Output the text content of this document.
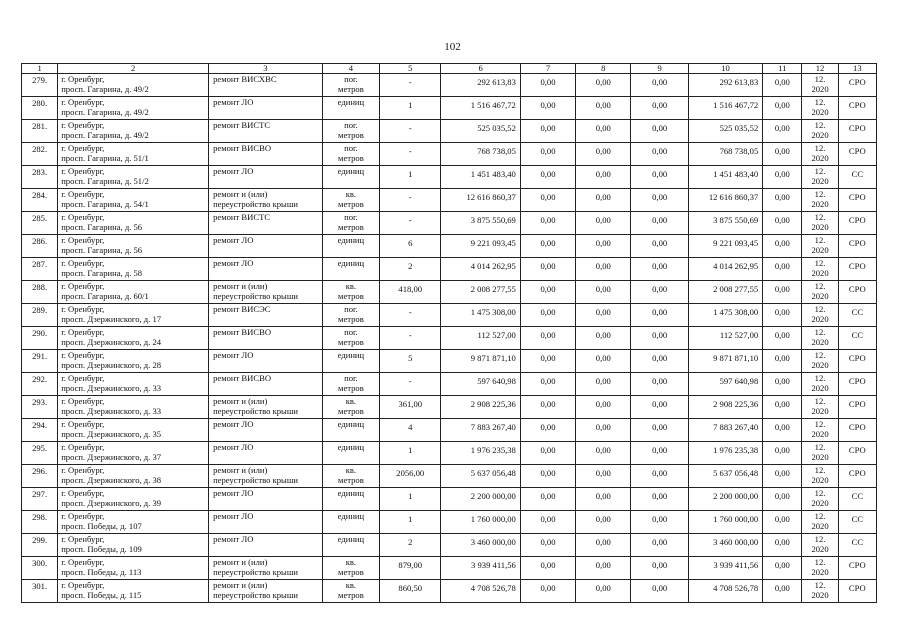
102
1	2	3	4	5	6	7	8	9	10	11	12	13

279.	г. Оренбург,
просп. Гагарина, д. 49/2	ремонт ВИСХВС	пог.
метров	-	292 613,83	0,00	0,00	0,00	292 613,83	0,00	12.
2020	СРО

280.	г. Оренбург,
просп. Гагарина, д. 49/2	ремонт ЛО	единиц	1	1 516 467,72	0,00	0,00	0,00	1 516 467,72	0,00	12.
2020	СРО

281.	г. Оренбург,
просп. Гагарина, д. 49/2	ремонт ВИСТС	пог.
метров	-	525 035,52	0,00	0,00	0,00	525 035,52	0,00	12.
2020	СРО

282.	г. Оренбург,
просп. Гагарина, д. 51/1	ремонт ВИСВО	пог.
метров	-	768 738,05	0,00	0,00	0,00	768 738,05	0,00	12.
2020	СРО

283.	г. Оренбург,
просп. Гагарина, д. 51/2	ремонт ЛО	единиц	1	1 451 483,40	0,00	0,00	0,00	1 451 483,40	0,00	12.
2020	СС

284.	г. Оренбург,
просп. Гагарина, д. 54/1	ремонт и (или)
переустройство крыши	кв.
метров	-	12 616 860,37	0,00	0,00	0,00	12 616 860,37	0,00	12.
2020	СРО

285.	г. Оренбург,
просп. Гагарина, д. 56	ремонт ВИСТС	пог.
метров	-	3 875 550,69	0,00	0,00	0,00	3 875 550,69	0,00	12.
2020	СРО

286.	г. Оренбург,
просп. Гагарина, д. 56	ремонт ЛО	единиц	6	9 221 093,45	0,00	0,00	0,00	9 221 093,45	0,00	12.
2020	СРО

287.	г. Оренбург,
просп. Гагарина, д. 58	ремонт ЛО	единиц	2	4 014 262,95	0,00	0,00	0,00	4 014 262,95	0,00	12.
2020	СРО

288.	г. Оренбург,
просп. Гагарина, д. 60/1	ремонт и (или)
переустройство крыши	кв.
метров	418,00	2 008 277,55	0,00	0,00	0,00	2 008 277,55	0,00	12.
2020	СРО

289.	г. Оренбург,
просп. Дзержинского, д. 17	ремонт ВИСЭС	пог.
метров	-	1 475 308,00	0,00	0,00	0,00	1 475 308,00	0,00	12.
2020	СС

290.	г. Оренбург,
просп. Дзержинского, д. 24	ремонт ВИСВО	пог.
метров	-	112 527,00	0,00	0,00	0,00	112 527,00	0,00	12.
2020	СС

291.	г. Оренбург,
просп. Дзержинского, д. 28	ремонт ЛО	единиц	5	9 871 871,10	0,00	0,00	0,00	9 871 871,10	0,00	12.
2020	СРО

292.	г. Оренбург,
просп. Дзержинского, д. 33	ремонт ВИСВО	пог.
метров	-	597 640,98	0,00	0,00	0,00	597 640,98	0,00	12.
2020	СРО

293.	г. Оренбург,
просп. Дзержинского, д. 33	ремонт и (или)
переустройство крыши	кв.
метров	361,00	2 908 225,36	0,00	0,00	0,00	2 908 225,36	0,00	12.
2020	СРО

294.	г. Оренбург,
просп. Дзержинского, д. 35	ремонт ЛО	единиц	4	7 883 267,40	0,00	0,00	0,00	7 883 267,40	0,00	12.
2020	СРО

295.	г. Оренбург,
просп. Дзержинского, д. 37	ремонт ЛО	единиц	1	1 976 235,38	0,00	0,00	0,00	1 976 235,38	0,00	12.
2020	СРО

296.	г. Оренбург,
просп. Дзержинского, д. 38	ремонт и (или)
переустройство крыши	кв.
метров	2056,00	5 637 056,48	0,00	0,00	0,00	5 637 056,48	0,00	12.
2020	СРО

297.	г. Оренбург,
просп. Дзержинского, д. 39	ремонт ЛО	единиц	1	2 200 000,00	0,00	0,00	0,00	2 200 000,00	0,00	12.
2020	СС

298.	г. Оренбург,
просп. Победы, д. 107	ремонт ЛО	единиц	1	1 760 000,00	0,00	0,00	0,00	1 760 000,00	0,00	12.
2020	СС

299.	г. Оренбург,
просп. Победы, д. 109	ремонт ЛО	единиц	2	3 460 000,00	0,00	0,00	0,00	3 460 000,00	0,00	12.
2020	СС

300.	г. Оренбург,
просп. Победы, д. 113	ремонт и (или)
переустройство крыши	кв.
метров	879,00	3 939 411,56	0,00	0,00	0,00	3 939 411,56	0,00	12.
2020	СРО

301.	г. Оренбург,
просп. Победы, д. 115	ремонт и (или)
переустройство крыши	кв.
метров	860,50	4 708 526,78	0,00	0,00	0,00	4 708 526,78	0,00	12.
2020	СРО
